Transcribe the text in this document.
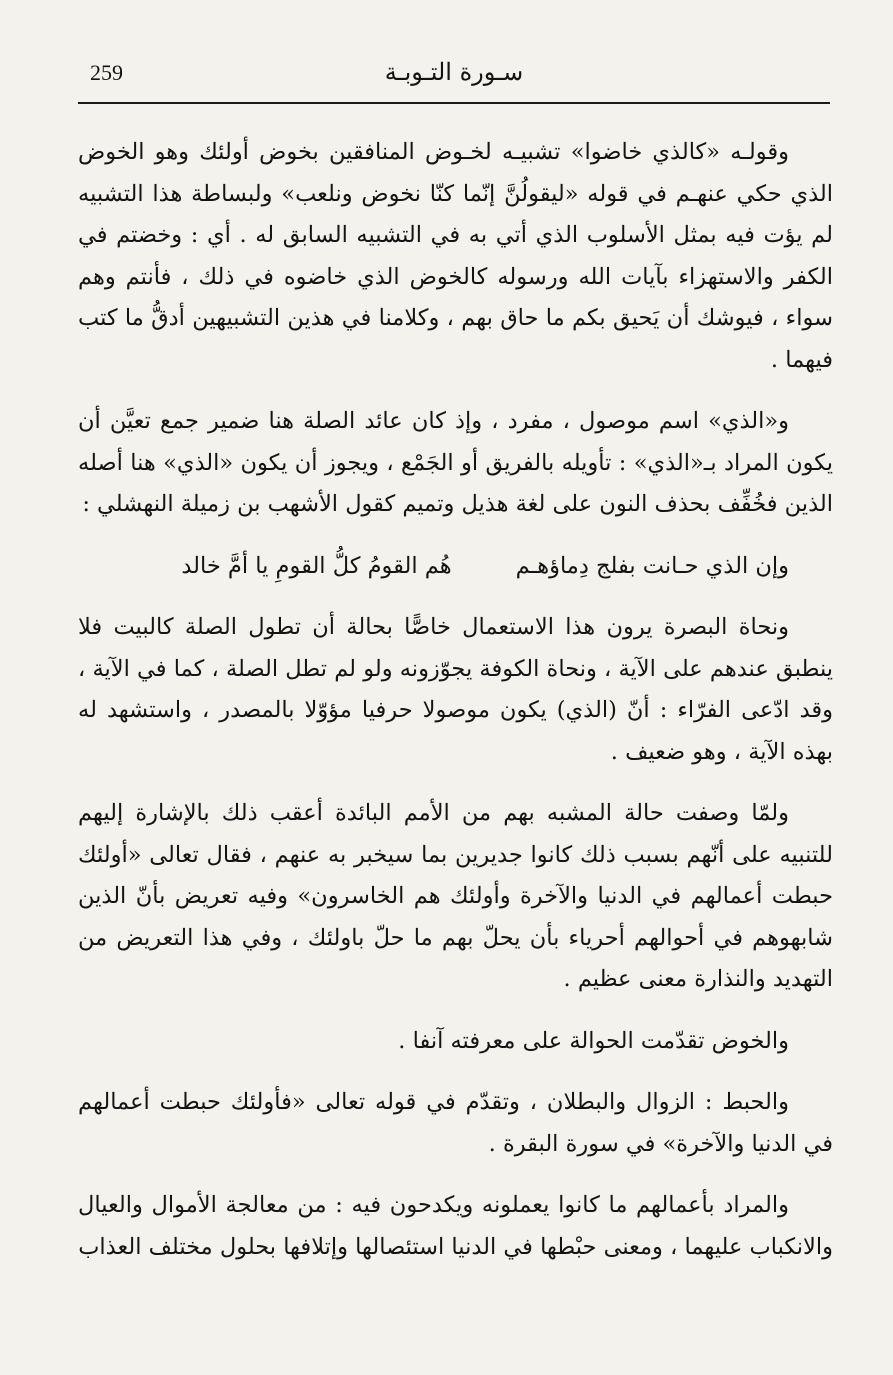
259	سـورة التـوبـة

وقولـه «كالذي خاضوا» تشبيـه لخـوض المنافقين بخوض أولئك وهو الخوض الذي حكي عنهـم في قوله «ليقولُنَّ إنّما كنّا نخوض ونلعب» ولبساطة هذا التشبيه لم يؤت فيه بمثل الأسلوب الذي أتي به في التشبيه السابق له . أي : وخضتم في الكفر والاستهزاء بآيات الله ورسوله كالخوض الذي خاضوه في ذلك ، فأنتم وهم سواء ، فيوشك أن يَحيق بكم ما حاق بهم ، وكلامنا في هذين التشبيهين أدقُّ ما كتب فيهما .

و«الذي» اسم موصول ، مفرد ، وإذ كان عائد الصلة هنا ضمير جمع تعيَّن أن يكون المراد بـ«الذي» : تأويله بالفريق أو الجَمْع ، ويجوز أن يكون «الذي» هنا أصله الذين فخُفِّف بحذف النون على لغة هذيل وتميم كقول الأشهب بن زميلة النهشلي :

وإن الذي حـانت بفلج دِماؤهـم
هُم القومُ كلُّ القومِ يا أمَّ خالد

ونحاة البصرة يرون هذا الاستعمال خاصًّا بحالة أن تطول الصلة كالبيت فلا ينطبق عندهم على الآية ، ونحاة الكوفة يجوّزونه ولو لم تطل الصلة ، كما في الآية ، وقد ادّعى الفرّاء : أنّ (الذي) يكون موصولا حرفيا مؤوّلا بالمصدر ، واستشهد له بهذه الآية ، وهو ضعيف .

ولمّا وصفت حالة المشبه بهم من الأمم البائدة أعقب ذلك بالإشارة إليهم للتنبيه على أنّهم بسبب ذلك كانوا جديرين بما سيخبر به عنهم ، فقال تعالى «أولئك حبطت أعمالهم في الدنيا والآخرة وأولئك هم الخاسرون» وفيه تعريض بأنّ الذين شابهوهم في أحوالهم أحرياء بأن يحلّ بهم ما حلّ باولئك ، وفي هذا التعريض من التهديد والنذارة معنى عظيم .

والخوض تقدّمت الحوالة على معرفته آنفا .

والحبط : الزوال والبطلان ، وتقدّم في قوله تعالى «فأولئك حبطت أعمالهم في الدنيا والآخرة» في سورة البقرة .

والمراد بأعمالهم ما كانوا يعملونه ويكدحون فيه : من معالجة الأموال والعيال والانكباب عليهما ، ومعنى حبْطها في الدنيا استئصالها وإتلافها بحلول مختلف العذاب
